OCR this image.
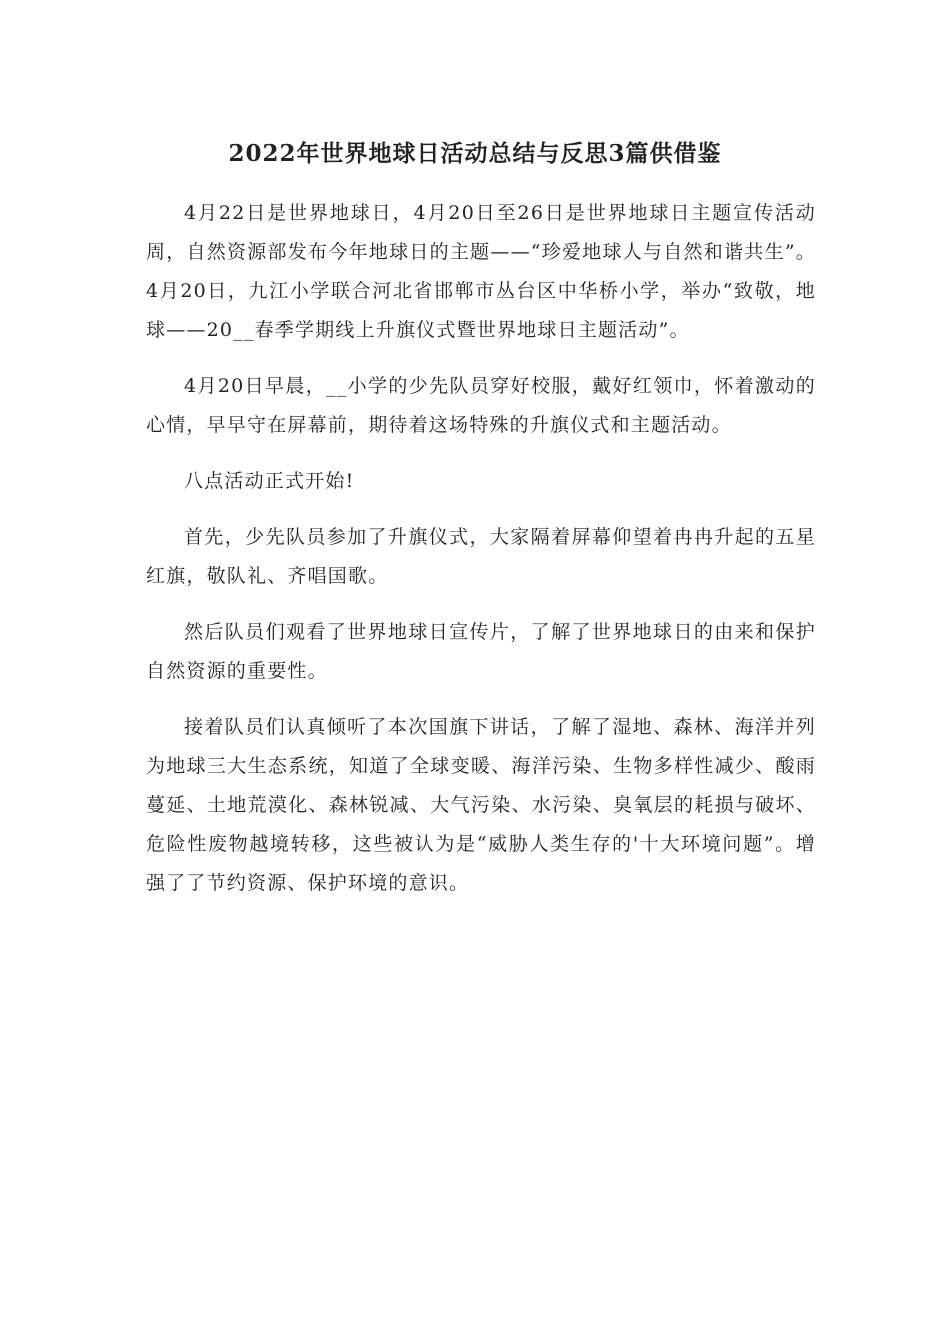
2022年世界地球日活动总结与反思3篇供借鉴

4月22日是世界地球日，4月20日至26日是世界地球日主题宣传活动周，自然资源部发布今年地球日的主题——“珍爱地球人与自然和谐共生”。4月20日，九江小学联合河北省邯郸市丛台区中华桥小学，举办“致敬，地球——20__春季学期线上升旗仪式暨世界地球日主题活动”。

4月20日早晨，__小学的少先队员穿好校服，戴好红领巾，怀着激动的心情，早早守在屏幕前，期待着这场特殊的升旗仪式和主题活动。

八点活动正式开始!

首先，少先队员参加了升旗仪式，大家隔着屏幕仰望着冉冉升起的五星红旗，敬队礼、齐唱国歌。

然后队员们观看了世界地球日宣传片，了解了世界地球日的由来和保护自然资源的重要性。

接着队员们认真倾听了本次国旗下讲话，了解了湿地、森林、海洋并列为地球三大生态系统，知道了全球变暖、海洋污染、生物多样性减少、酸雨蔓延、土地荒漠化、森林锐减、大气污染、水污染、臭氧层的耗损与破坏、危险性废物越境转移，这些被认为是“威胁人类生存的'十大环境问题”。增强了了节约资源、保护环境的意识。
